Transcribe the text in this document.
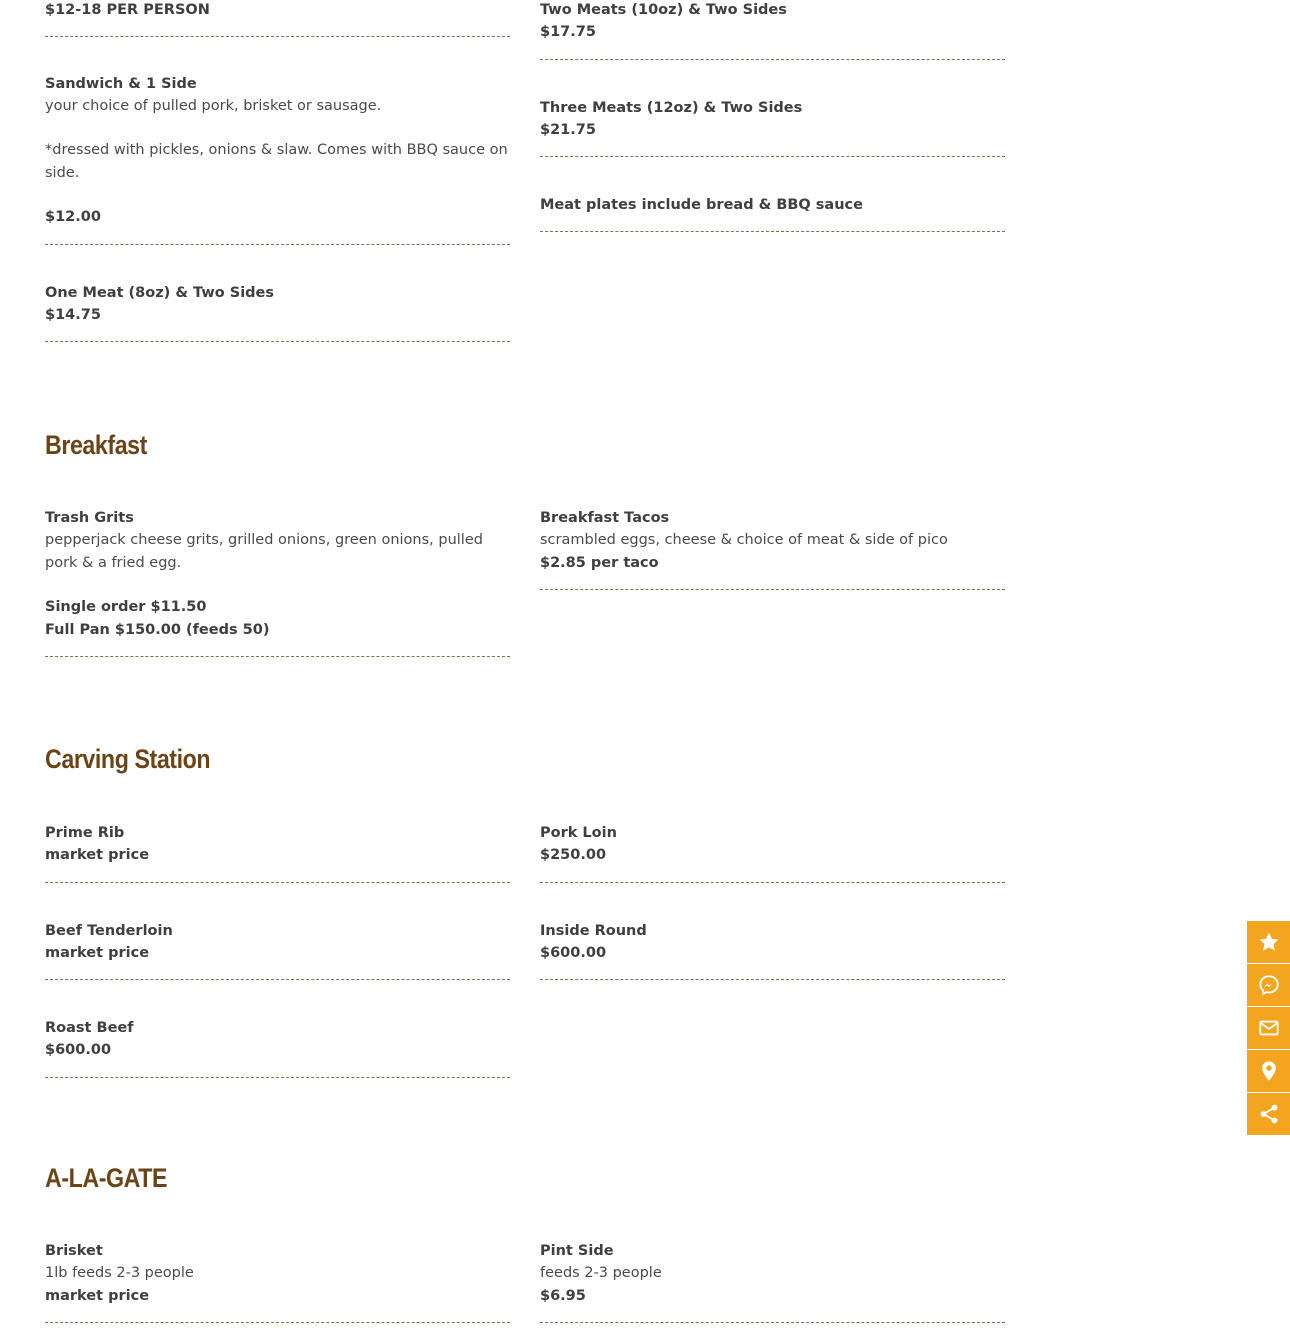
$12-18 PER PERSON
Sandwich & 1 Side
your choice of pulled pork, brisket or sausage.
*dressed with pickles, onions & slaw. Comes with BBQ sauce on side.
$12.00
One Meat (8oz) & Two Sides
$14.75
Two Meats (10oz) & Two Sides
$17.75
Three Meats (12oz) & Two Sides
$21.75
Meat plates include bread & BBQ sauce
Breakfast
Trash Grits
pepperjack cheese grits, grilled onions, green onions, pulled pork & a fried egg.
Single order $11.50
Full Pan $150.00 (feeds 50)
Breakfast Tacos
scrambled eggs, cheese & choice of meat & side of pico
$2.85 per taco
Carving Station
Prime Rib
market price
Beef Tenderloin
market price
Roast Beef
$600.00
Pork Loin
$250.00
Inside Round
$600.00
A-LA-GATE
Brisket
1lb feeds 2-3 people
market price
Pint Side
feeds 2-3 people
$6.95
